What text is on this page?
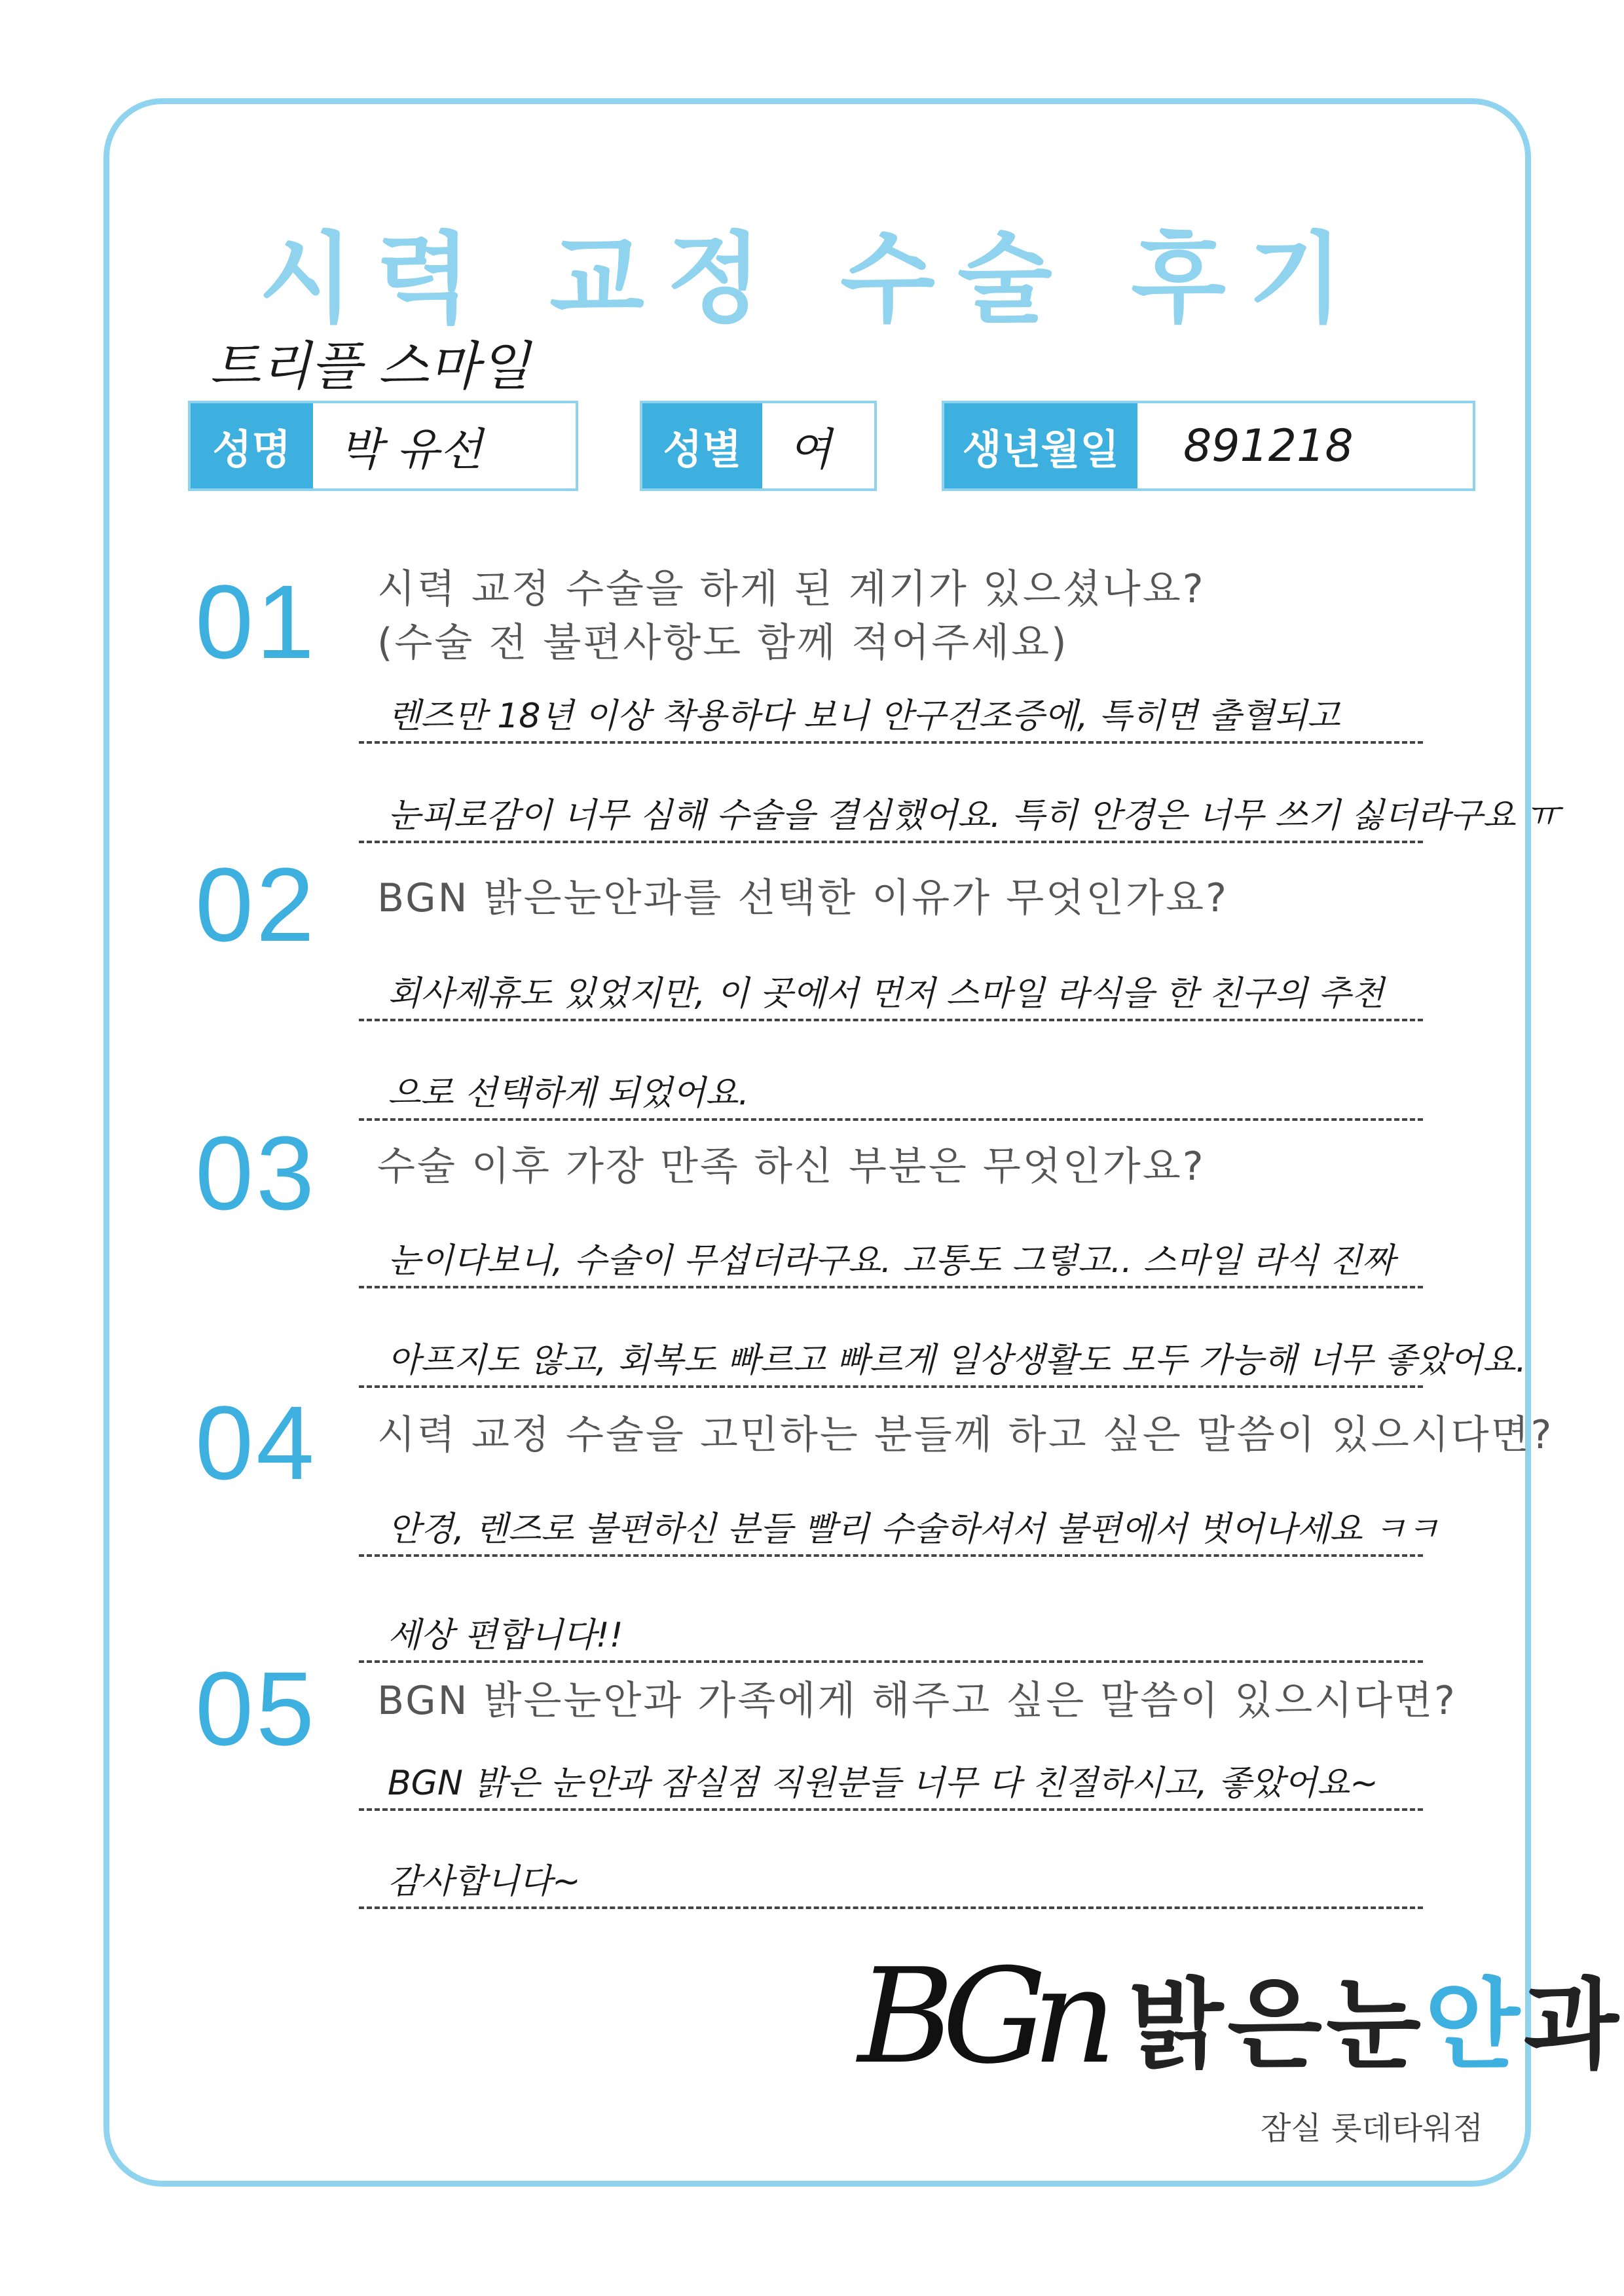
시력 교정 수술 후기
트리플 스마일
성명	박 유선	성별	여	생년월일	891218
01 시력 교정 수술을 하게 된 계기가 있으셨나요?
(수술 전 불편사항도 함께 적어주세요)
렌즈만 18년 이상 착용하다 보니 안구건조증에, 특히면 출혈되고
눈피로감이 너무 심해 수술을 결심했어요. 특히 안경은 너무 쓰기 싫더라구요 ㅠ
02 BGN 밝은눈안과를 선택한 이유가 무엇인가요?
회사제휴도 있었지만, 이 곳에서 먼저 스마일 라식을 한 친구의 추천
으로 선택하게 되었어요.
03 수술 이후 가장 만족 하신 부분은 무엇인가요?
눈이다보니, 수술이 무섭더라구요. 고통도 그렇고.. 스마일 라식 진짜
아프지도 않고, 회복도 빠르고 빠르게 일상생활도 모두 가능해 너무 좋았어요.
04 시력 교정 수술을 고민하는 분들께 하고 싶은 말씀이 있으시다면?
안경, 렌즈로 불편하신 분들 빨리 수술하셔서 불편에서 벗어나세요 ㅋㅋ
세상 편합니다!!
05 BGN 밝은눈안과 가족에게 해주고 싶은 말씀이 있으시다면?
BGN 밝은 눈안과 잠실점 직원분들 너무 다 친절하시고, 좋았어요~
감사합니다~
BGn 밝은눈안과
잠실 롯데타워점
